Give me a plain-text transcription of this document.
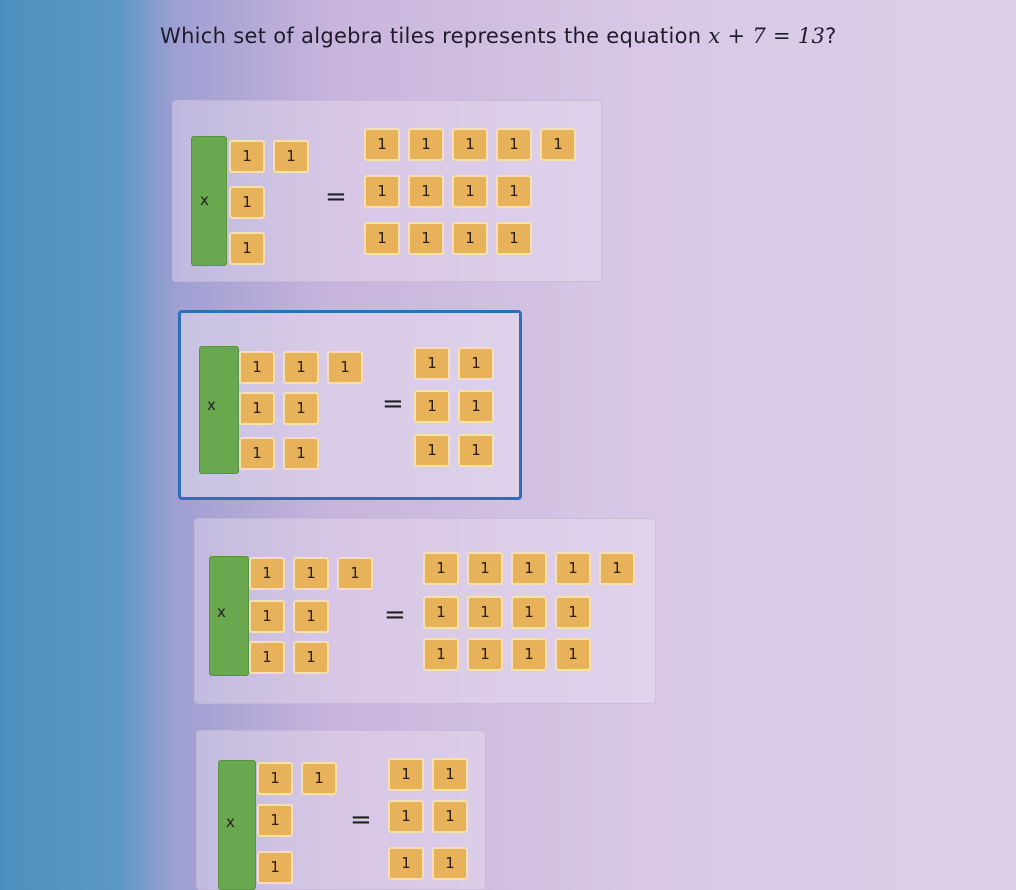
Which set of algebra tiles represents the equation x + 7 = 13?
x
1	1
1
1
=
1	1	1	1	1
1	1	1	1
1	1	1	1
x
1	1	1
1	1
1	1
=
1	1
1	1
1	1
x
1	1	1
1	1
1	1
=
1	1	1	1	1
1	1	1	1
1	1	1	1
x
1	1
1
1
=
1	1
1	1
1	1
